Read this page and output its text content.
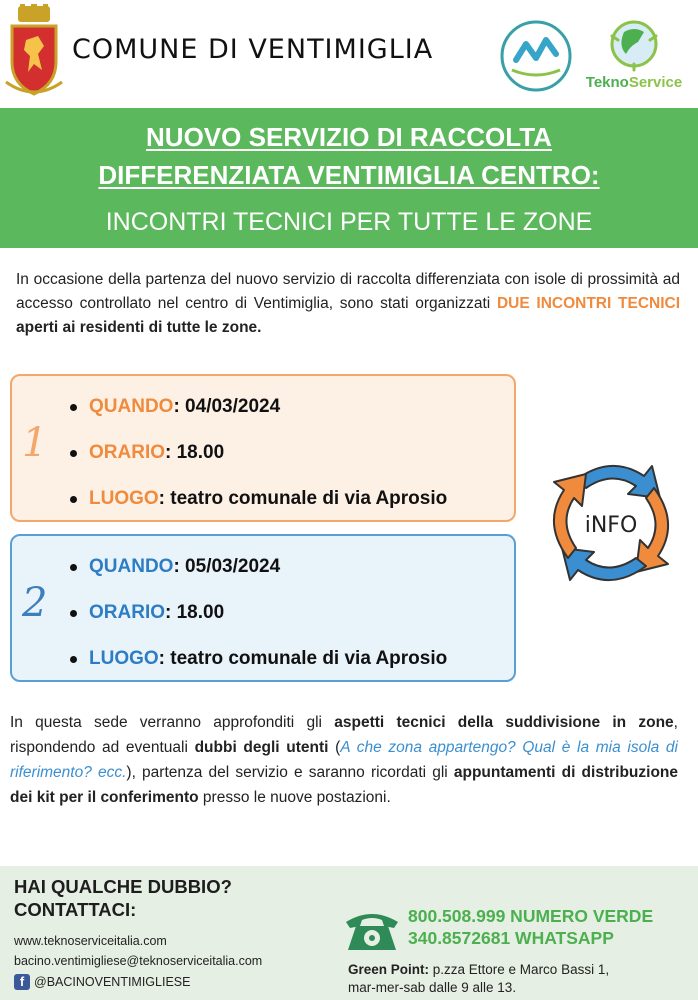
COMUNE DI VENTIMIGLIA
TeknoService
NUOVO SERVIZIO DI RACCOLTA
DIFFERENZIATA VENTIMIGLIA CENTRO:
INCONTRI TECNICI PER TUTTE LE ZONE
In occasione della partenza del nuovo servizio di raccolta differenziata con isole di prossimità ad accesso controllato nel centro di Ventimiglia, sono stati organizzati DUE INCONTRI TECNICI aperti ai residenti di tutte le zone.
1
QUANDO : 04/03/2024
ORARIO : 18.00
LUOGO : teatro comunale di via Aprosio
2
QUANDO : 05/03/2024
ORARIO : 18.00
LUOGO : teatro comunale di via Aprosio
iNFO
In questa sede verranno approfonditi gli aspetti tecnici della suddivisione in zone, rispondendo ad eventuali dubbi degli utenti (A che zona appartengo? Qual è la mia isola di riferimento? ecc.), partenza del servizio e saranno ricordati gli appuntamenti di distribuzione dei kit per il conferimento presso le nuove postazioni.
HAI QUALCHE DUBBIO?
CONTATTACI:
www.teknoserviceitalia.com
bacino.ventimigliese@teknoserviceitalia.com
f @BACINOVENTIMIGLIESE
800.508.999 NUMERO VERDE
340.8572681 WHATSAPP
Green Point: p.zza Ettore e Marco Bassi 1,
mar-mer-sab dalle 9 alle 13.
